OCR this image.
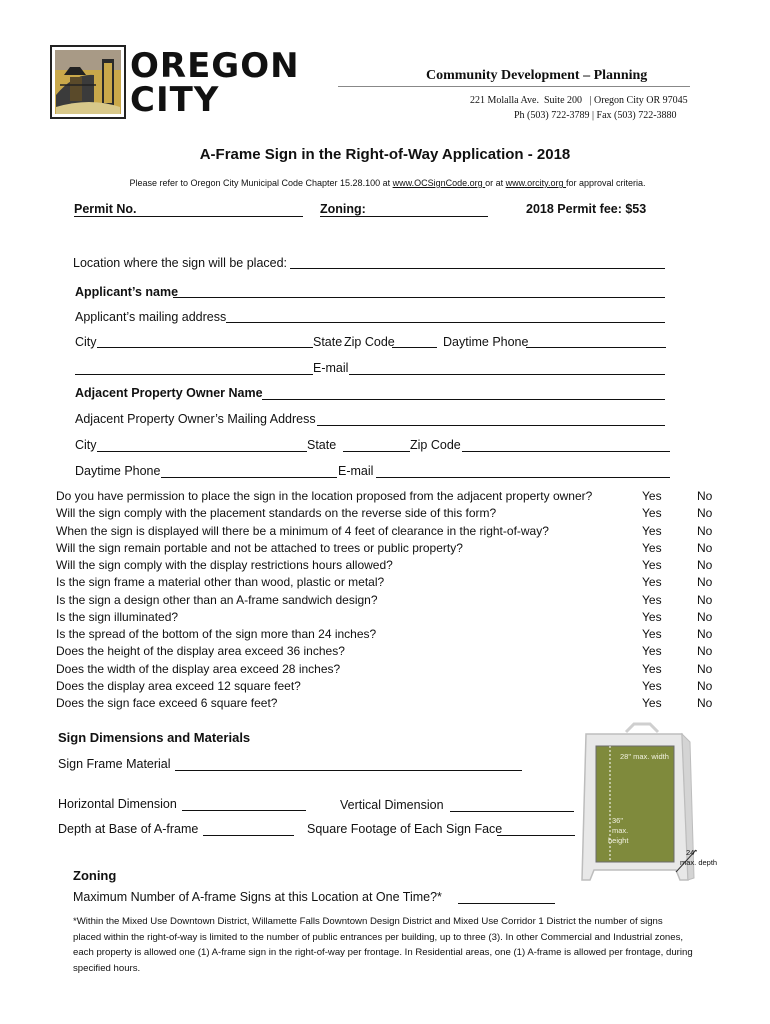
OREGON
CITY
Community Development – Planning
221 Molalla Ave.  Suite 200   | Oregon City OR 97045
Ph (503) 722-3789 | Fax (503) 722-3880
A-Frame Sign in the Right-of-Way Application - 2018

Please refer to Oregon City Municipal Code Chapter 15.28.100 at www.OCSignCode.org or at www.orcity.org for approval criteria.

Permit No.	Zoning:	2018 Permit fee: $53
Location where the sign will be placed:
Applicant’s name
Applicant’s mailing address
City	State Zip Code	Daytime Phone
E-mail
Adjacent Property Owner Name
Adjacent Property Owner’s Mailing Address
City	State	Zip Code
Daytime Phone	E-mail
Do you have permission to place the sign in the location proposed from the adjacent property owner?	Yes	No
Will the sign comply with the placement standards on the reverse side of this form?	Yes	No
When the sign is displayed will there be a minimum of 4 feet of clearance in the right-of-way?	Yes	No
Will the sign remain portable and not be attached to trees or public property?	Yes	No
Will the sign comply with the display restrictions hours allowed?	Yes	No
Is the sign frame a material other than wood, plastic or metal?	Yes	No
Is the sign a design other than an A-frame sandwich design?	Yes	No
Is the sign illuminated?	Yes	No
Is the spread of the bottom of the sign more than 24 inches?	Yes	No
Does the height of the display area exceed 36 inches?	Yes	No
Does the width of the display area exceed 28 inches?	Yes	No
Does the display area exceed 12 square feet?	Yes	No
Does the sign face exceed 6 square feet?	Yes	No
Sign Dimensions and Materials
Sign Frame Material
Horizontal Dimension	Vertical Dimension
Depth at Base of A-frame	Square Footage of Each Sign Face
28" max. width
36"
max.
height
24"
max. depth
Zoning
Maximum Number of A-frame Signs at this Location at One Time?*
*Within the Mixed Use Downtown District, Willamette Falls Downtown Design District and Mixed Use Corridor 1 District the number of signs placed within the right-of-way is limited to the number of public entrances per building, up to three (3). In other Commercial and Industrial zones, each property is allowed one (1) A-frame sign in the right-of-way per frontage. In Residential areas, one (1) A-frame is allowed per frontage, during specified hours.
